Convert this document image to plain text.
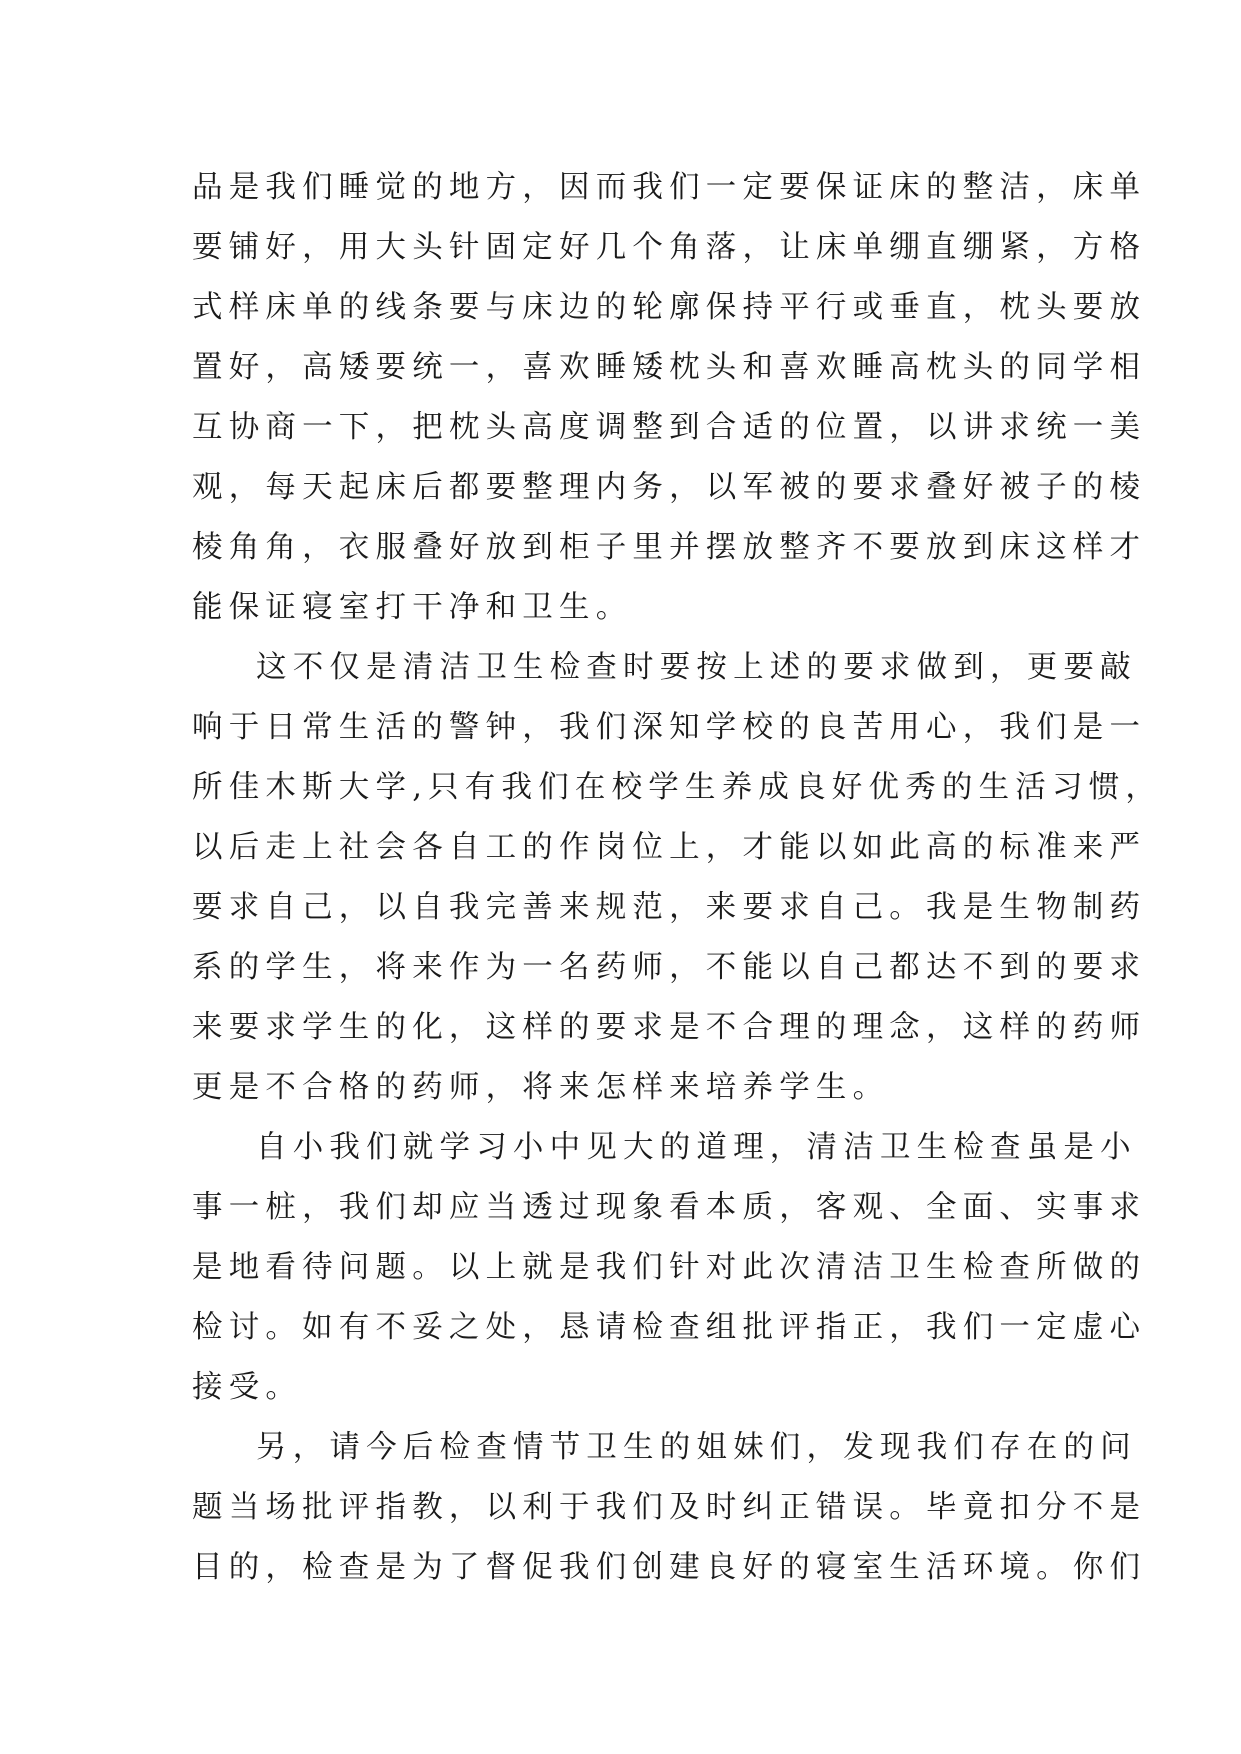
品是我们睡觉的地方，因而我们一定要保证床的整洁，床单
要铺好，用大头针固定好几个角落，让床单绷直绷紧，方格
式样床单的线条要与床边的轮廓保持平行或垂直，枕头要放
置好，高矮要统一，喜欢睡矮枕头和喜欢睡高枕头的同学相
互协商一下，把枕头高度调整到合适的位置，以讲求统一美
观，每天起床后都要整理内务，以军被的要求叠好被子的棱
棱角角，衣服叠好放到柜子里并摆放整齐不要放到床这样才
能保证寝室打干净和卫生。
这不仅是清洁卫生检查时要按上述的要求做到，更要敲
响于日常生活的警钟，我们深知学校的良苦用心，我们是一
所佳木斯大学,只有我们在校学生养成良好优秀的生活习惯，
以后走上社会各自工的作岗位上，才能以如此高的标准来严
要求自己，以自我完善来规范，来要求自己。我是生物制药
系的学生，将来作为一名药师，不能以自己都达不到的要求
来要求学生的化，这样的要求是不合理的理念，这样的药师
更是不合格的药师，将来怎样来培养学生。
自小我们就学习小中见大的道理，清洁卫生检查虽是小
事一桩，我们却应当透过现象看本质，客观、全面、实事求
是地看待问题。以上就是我们针对此次清洁卫生检查所做的
检讨。如有不妥之处，恳请检查组批评指正，我们一定虚心
接受。
另，请今后检查情节卫生的姐妹们，发现我们存在的问
题当场批评指教，以利于我们及时纠正错误。毕竟扣分不是
目的，检查是为了督促我们创建良好的寝室生活环境。你们
